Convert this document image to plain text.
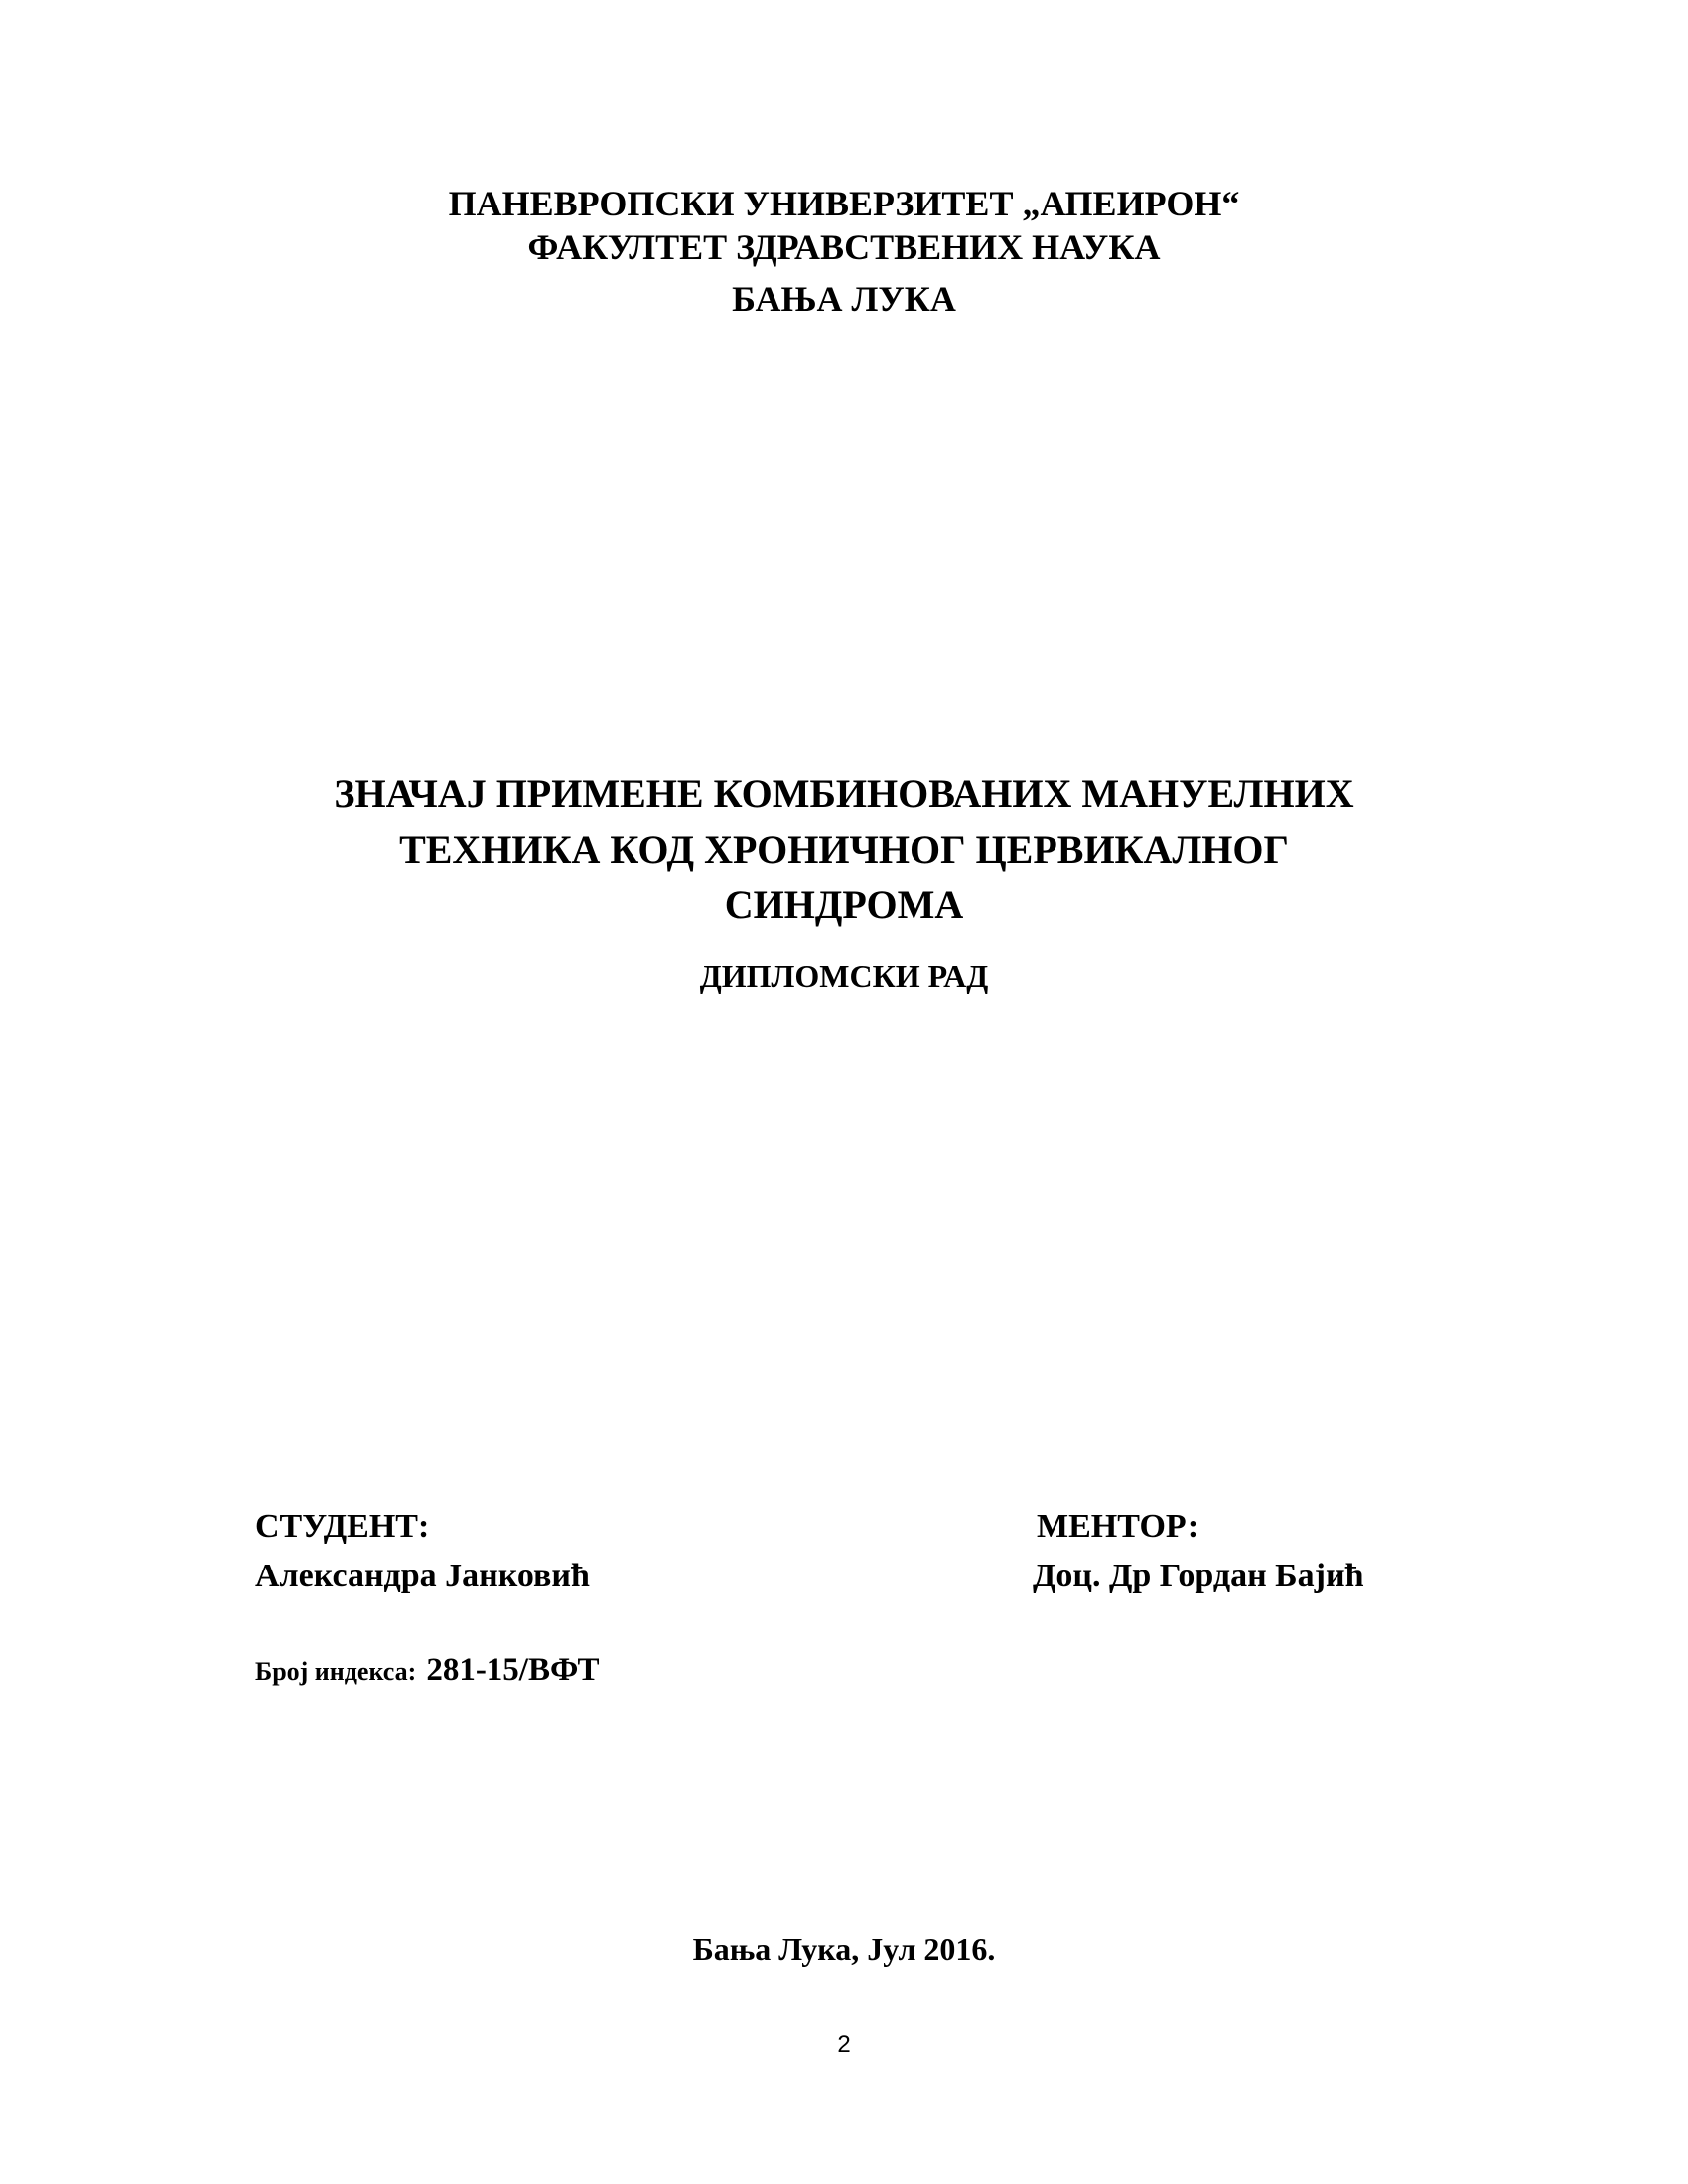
ПАНЕВРОПСКИ УНИВЕРЗИТЕТ „АПЕИРОН“
ФАКУЛТЕТ ЗДРАВСТВЕНИХ НАУКА
БАЊА ЛУКА
ЗНАЧАЈ ПРИМЕНЕ КОМБИНОВАНИХ МАНУЕЛНИХ
ТЕХНИКА КОД ХРОНИЧНОГ ЦЕРВИКАЛНОГ
СИНДРОМА
ДИПЛОМСКИ РАД
СТУДЕНТ:
Александра Јанковић
МЕНТОР:
Доц. Др Гордан Бајић
Број индекса: 281-15/ВФТ
Бања Лука, Јул 2016.
2
